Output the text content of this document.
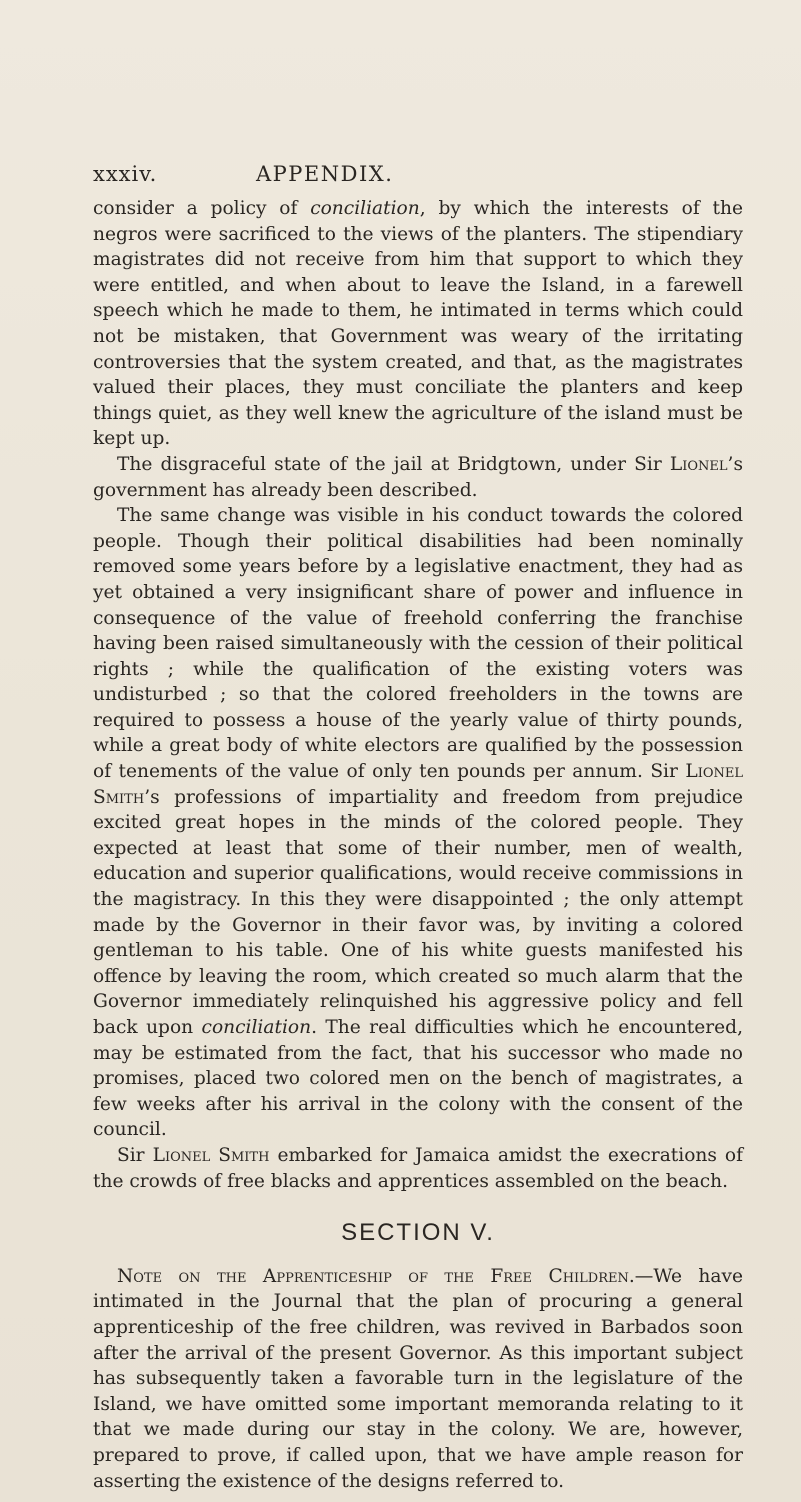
xxxiv.	APPENDIX.

consider a policy of conciliation, by which the interests of the negros were sacrificed to the views of the planters. The stipendiary magistrates did not receive from him that support to which they were entitled, and when about to leave the Island, in a farewell speech which he made to them, he intimated in terms which could not be mistaken, that Government was weary of the irritating controversies that the system created, and that, as the magistrates valued their places, they must conciliate the planters and keep things quiet, as they well knew the agriculture of the island must be kept up.

The disgraceful state of the jail at Bridgtown, under Sir Lionel’s government has already been described.

The same change was visible in his conduct towards the colored people. Though their political disabilities had been nominally removed some years before by a legislative enactment, they had as yet obtained a very insignificant share of power and influence in consequence of the value of freehold conferring the franchise having been raised simultaneously with the cession of their political rights ; while the qualification of the existing voters was undisturbed ; so that the colored freeholders in the towns are required to possess a house of the yearly value of thirty pounds, while a great body of white electors are qualified by the possession of tenements of the value of only ten pounds per annum. Sir Lionel Smith’s professions of impartiality and freedom from prejudice excited great hopes in the minds of the colored people. They expected at least that some of their number, men of wealth, education and superior qualifications, would receive commissions in the magistracy. In this they were disappointed ; the only attempt made by the Governor in their favor was, by inviting a colored gentleman to his table. One of his white guests manifested his offence by leaving the room, which created so much alarm that the Governor immediately relinquished his aggressive policy and fell back upon conciliation. The real difficulties which he encountered, may be estimated from the fact, that his successor who made no promises, placed two colored men on the bench of magistrates, a few weeks after his arrival in the colony with the consent of the council.

Sir Lionel Smith embarked for Jamaica amidst the execrations of the crowds of free blacks and apprentices assembled on the beach.

SECTION V.

Note on the Apprenticeship of the Free Children.—We have intimated in the Journal that the plan of procuring a general apprenticeship of the free children, was revived in Barbados soon after the arrival of the present Governor. As this important subject has subsequently taken a favorable turn in the legislature of the Island, we have omitted some important memoranda relating to it that we made during our stay in the colony. We are, however, prepared to prove, if called upon, that we have ample reason for asserting the existence of the designs referred to.
